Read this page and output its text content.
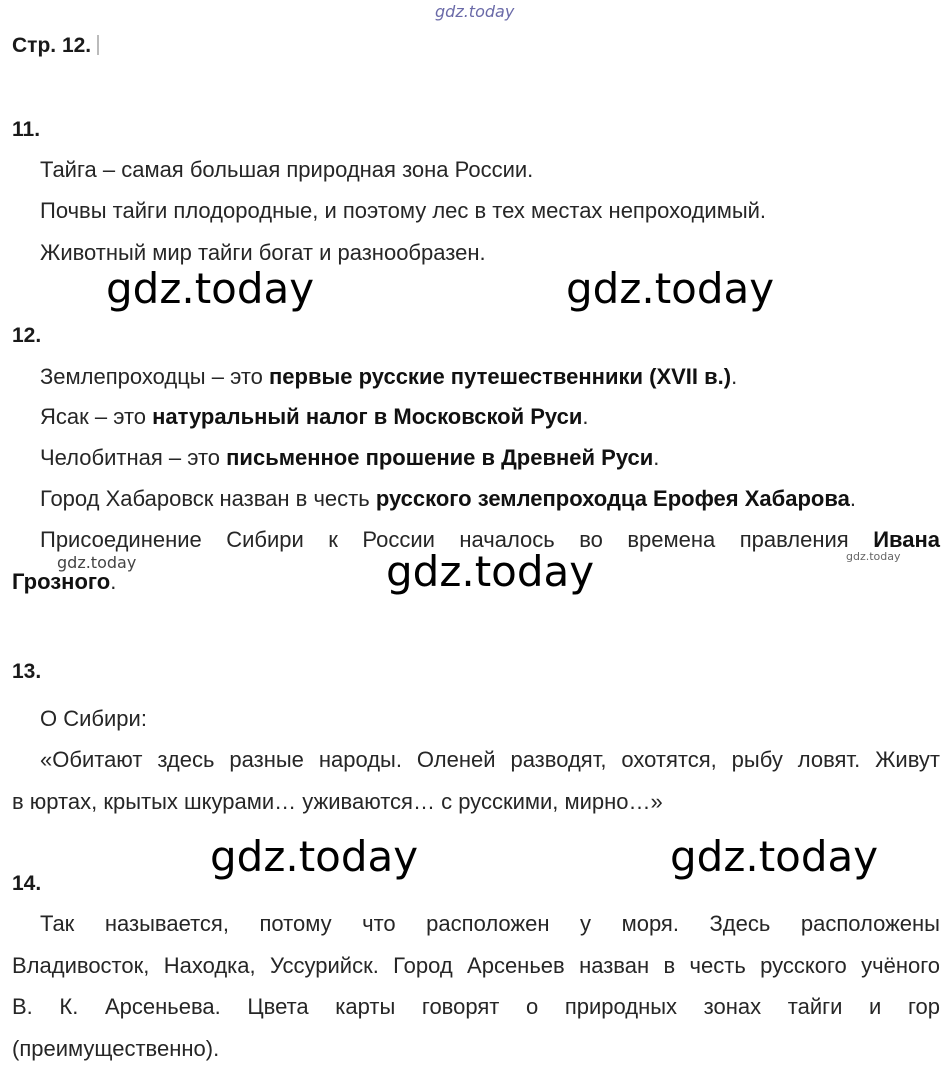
gdz.today
Стр. 12.
11.
Тайга – самая большая природная зона России.
Почвы тайги плодородные, и поэтому лес в тех местах непроходимый.
Животный мир тайги богат и разнообразен.
gdz.today	gdz.today
12.
Землепроходцы – это первые русские путешественники (XVII в.).
Ясак – это натуральный налог в Московской Руси.
Челобитная – это письменное прошение в Древней Руси.
Город Хабаровск назван в честь русского землепроходца Ерофея Хабарова.
Присоединение Сибири к России началось во времена правления Ивана
gdz.today	gdz.today
Грозного.	gdz.today
13.
О Сибири:
«Обитают здесь разные народы. Оленей разводят, охотятся, рыбу ловят. Живут
в юртах, крытых шкурами… уживаются… с русскими, мирно…»
gdz.today	gdz.today
14.
Так называется, потому что расположен у моря. Здесь расположены
Владивосток, Находка, Уссурийск. Город Арсеньев назван в честь русского учёного
В. К. Арсеньева. Цвета карты говорят о природных зонах тайги и гор
(преимущественно).
